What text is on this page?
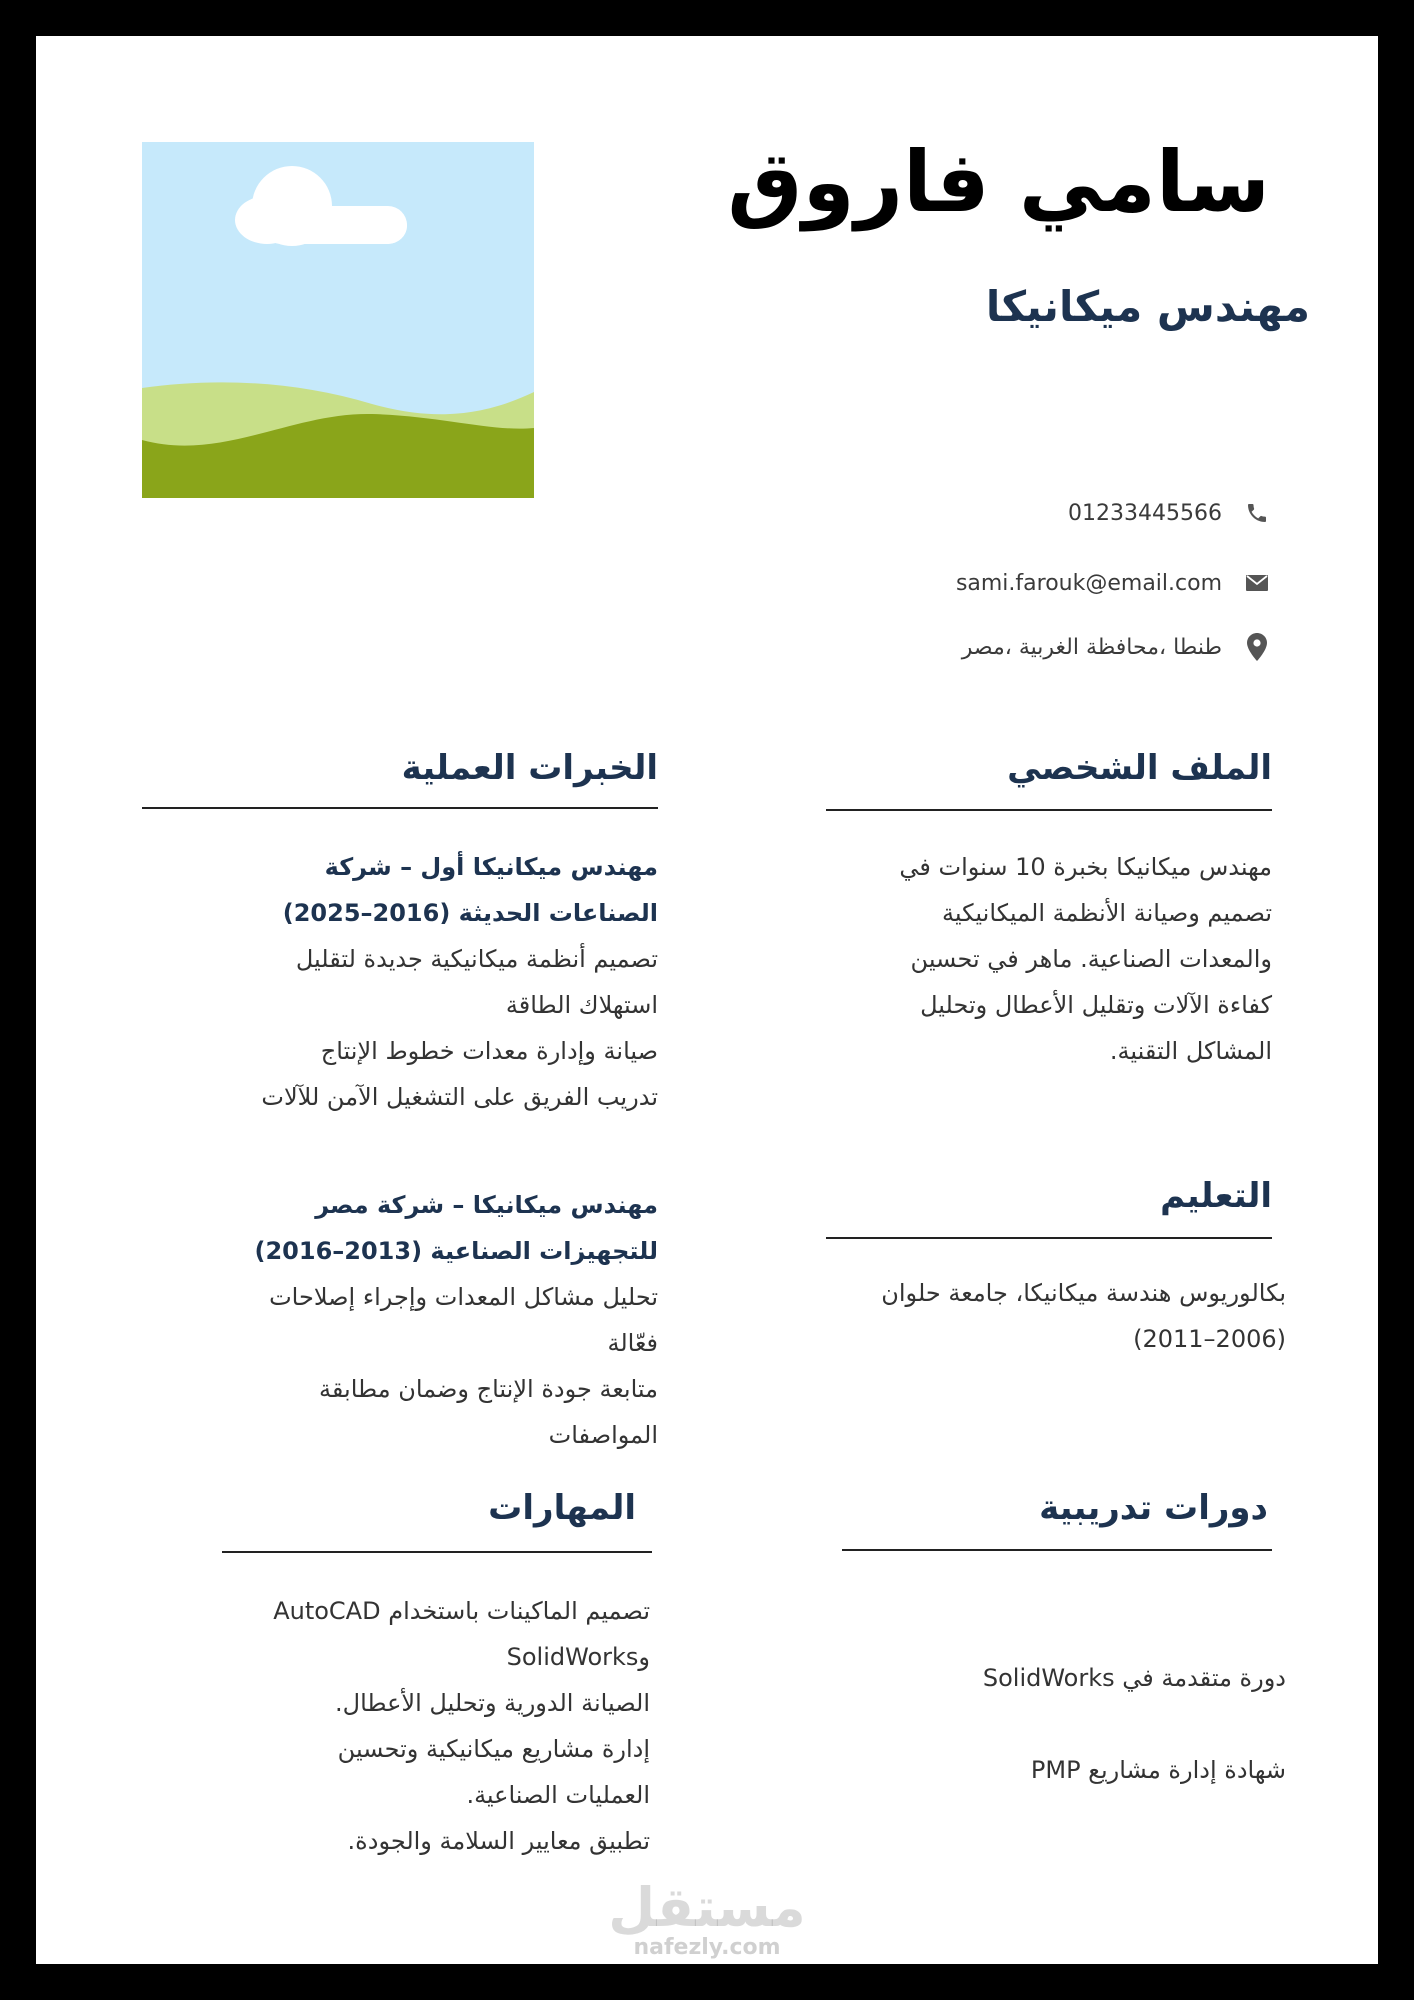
سامي فاروق
مهندس ميكانيكا
01233445566
sami.farouk@email.com
طنطا ،محافظة الغربية ،مصر
الملف الشخصي

مهندس ميكانيكا بخبرة 10 سنوات في

تصميم وصيانة الأنظمة الميكانيكية

والمعدات الصناعية. ماهر في تحسين

كفاءة الآلات وتقليل الأعطال وتحليل

المشاكل التقنية.

الخبرات العملية

مهندس ميكانيكا أول – شركة

الصناعات الحديثة (2016–2025)

تصميم أنظمة ميكانيكية جديدة لتقليل

استهلاك الطاقة

صيانة وإدارة معدات خطوط الإنتاج

تدريب الفريق على التشغيل الآمن للآلات

مهندس ميكانيكا – شركة مصر

للتجهيزات الصناعية (2013–2016)

تحليل مشاكل المعدات وإجراء إصلاحات

فعّالة

متابعة جودة الإنتاج وضمان مطابقة

المواصفات

التعليم

بكالوريوس هندسة ميكانيكا، جامعة حلوان

(2006–2011)

دورات تدريبية

دورة متقدمة في SolidWorks

شهادة إدارة مشاريع PMP

المهارات

تصميم الماكينات باستخدام AutoCAD

وSolidWorks

الصيانة الدورية وتحليل الأعطال.

إدارة مشاريع ميكانيكية وتحسين

العمليات الصناعية.

تطبيق معايير السلامة والجودة.

مستقل
nafezly.com
